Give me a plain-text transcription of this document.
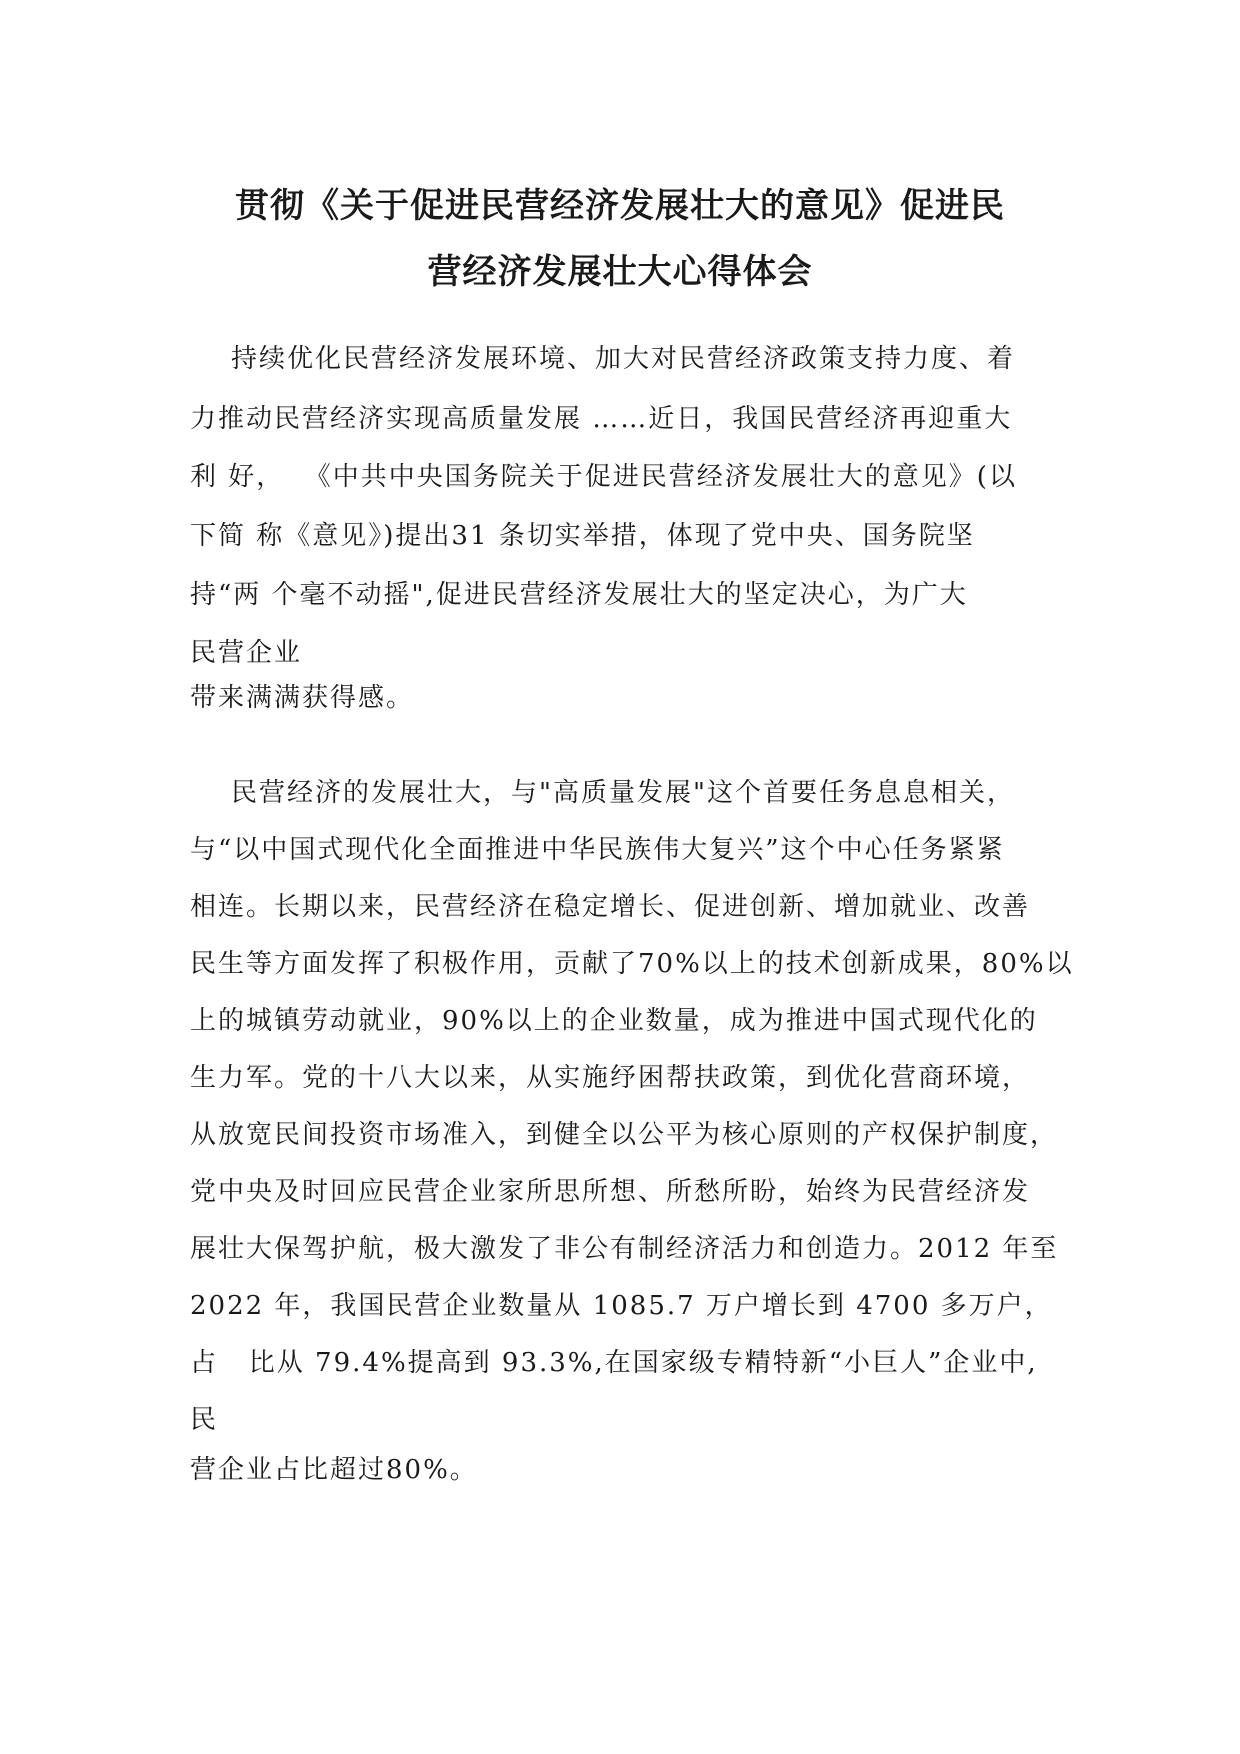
贯彻《关于促进民营经济发展壮大的意见》促进民
营经济发展壮大心得体会
持续优化民营经济发展环境、加大对民营经济政策支持力度、着
力推动民营经济实现高质量发展 ……近日，我国民营经济再迎重大
利 好，  《中共中央国务院关于促进民营经济发展壮大的意见》(以
下简 称《意见》)提出31 条切实举措，体现了党中央、国务院坚
持“两 个毫不动摇",促进民营经济发展壮大的坚定决心，为广大
民营企业
带来满满获得感。
民营经济的发展壮大，与"高质量发展"这个首要任务息息相关，
与“以中国式现代化全面推进中华民族伟大复兴”这个中心任务紧紧
相连。长期以来，民营经济在稳定增长、促进创新、增加就业、改善
民生等方面发挥了积极作用，贡献了70%以上的技术创新成果，80%以
上的城镇劳动就业，90%以上的企业数量，成为推进中国式现代化的
生力军。党的十八大以来，从实施纾困帮扶政策，到优化营商环境，
从放宽民间投资市场准入，到健全以公平为核心原则的产权保护制度，
党中央及时回应民营企业家所思所想、所愁所盼，始终为民营经济发
展壮大保驾护航，极大激发了非公有制经济活力和创造力。2012 年至
2022 年，我国民营企业数量从 1085.7 万户增长到 4700 多万户，
占   比从 79.4%提高到 93.3%,在国家级专精特新“小巨人”企业中,
民
营企业占比超过80%。
